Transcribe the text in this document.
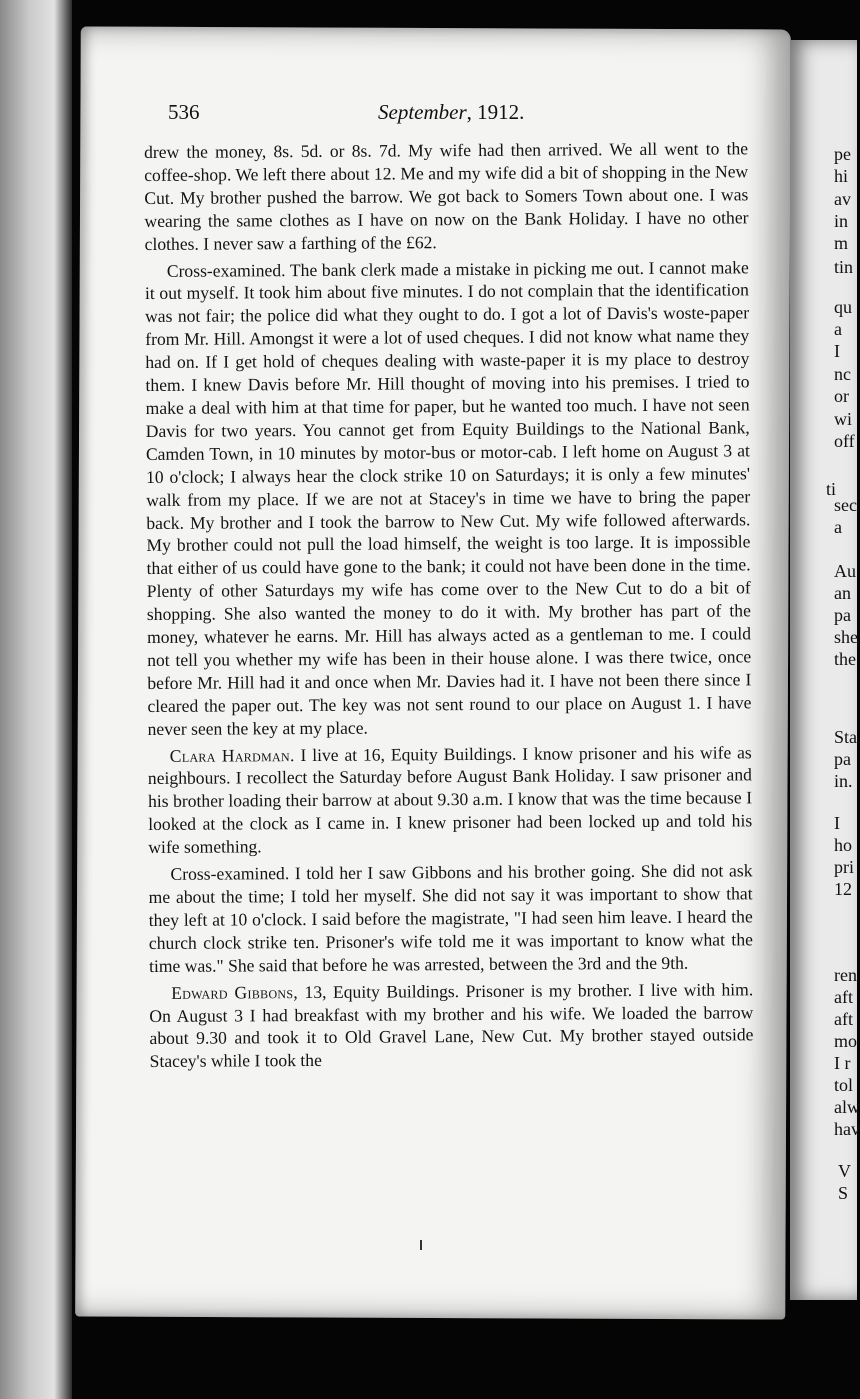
pe
hi
av
in
m
tin
qu
a
I
nc
or
wi
off
ti
sec
a
Au
an
pa
she
the
Sta
pa
in.
I
ho
pri
12
ren
aft
aft
mo
I r
tol
alw
hav
V
S
536	September, 1912.

drew the money, 8s. 5d. or 8s. 7d. My wife had then arrived. We all went to the coffee-shop. We left there about 12. Me and my wife did a bit of shopping in the New Cut. My brother pushed the barrow. We got back to Somers Town about one. I was wearing the same clothes as I have on now on the Bank Holiday. I have no other clothes. I never saw a farthing of the £62.

Cross-examined. The bank clerk made a mistake in picking me out. I cannot make it out myself. It took him about five minutes. I do not complain that the identification was not fair; the police did what they ought to do. I got a lot of Davis's woste-paper from Mr. Hill. Amongst it were a lot of used cheques. I did not know what name they had on. If I get hold of cheques dealing with waste-paper it is my place to destroy them. I knew Davis before Mr. Hill thought of moving into his premises. I tried to make a deal with him at that time for paper, but he wanted too much. I have not seen Davis for two years. You cannot get from Equity Buildings to the National Bank, Camden Town, in 10 minutes by motor-bus or motor-cab. I left home on August 3 at 10 o'clock; I always hear the clock strike 10 on Saturdays; it is only a few minutes' walk from my place. If we are not at Stacey's in time we have to bring the paper back. My brother and I took the barrow to New Cut. My wife followed afterwards. My brother could not pull the load himself, the weight is too large. It is impossible that either of us could have gone to the bank; it could not have been done in the time. Plenty of other Saturdays my wife has come over to the New Cut to do a bit of shopping. She also wanted the money to do it with. My brother has part of the money, whatever he earns. Mr. Hill has always acted as a gentleman to me. I could not tell you whether my wife has been in their house alone. I was there twice, once before Mr. Hill had it and once when Mr. Davies had it. I have not been there since I cleared the paper out. The key was not sent round to our place on August 1. I have never seen the key at my place.

Clara Hardman. I live at 16, Equity Buildings. I know prisoner and his wife as neighbours. I recollect the Saturday before August Bank Holiday. I saw prisoner and his brother loading their barrow at about 9.30 a.m. I know that was the time because I looked at the clock as I came in. I knew prisoner had been locked up and told his wife something.

Cross-examined. I told her I saw Gibbons and his brother going. She did not ask me about the time; I told her myself. She did not say it was important to show that they left at 10 o'clock. I said before the magistrate, "I had seen him leave. I heard the church clock strike ten. Prisoner's wife told me it was important to know what the time was." She said that before he was arrested, between the 3rd and the 9th.

Edward Gibbons, 13, Equity Buildings. Prisoner is my brother. I live with him. On August 3 I had breakfast with my brother and his wife. We loaded the barrow about 9.30 and took it to Old Gravel Lane, New Cut. My brother stayed outside Stacey's while I took the
